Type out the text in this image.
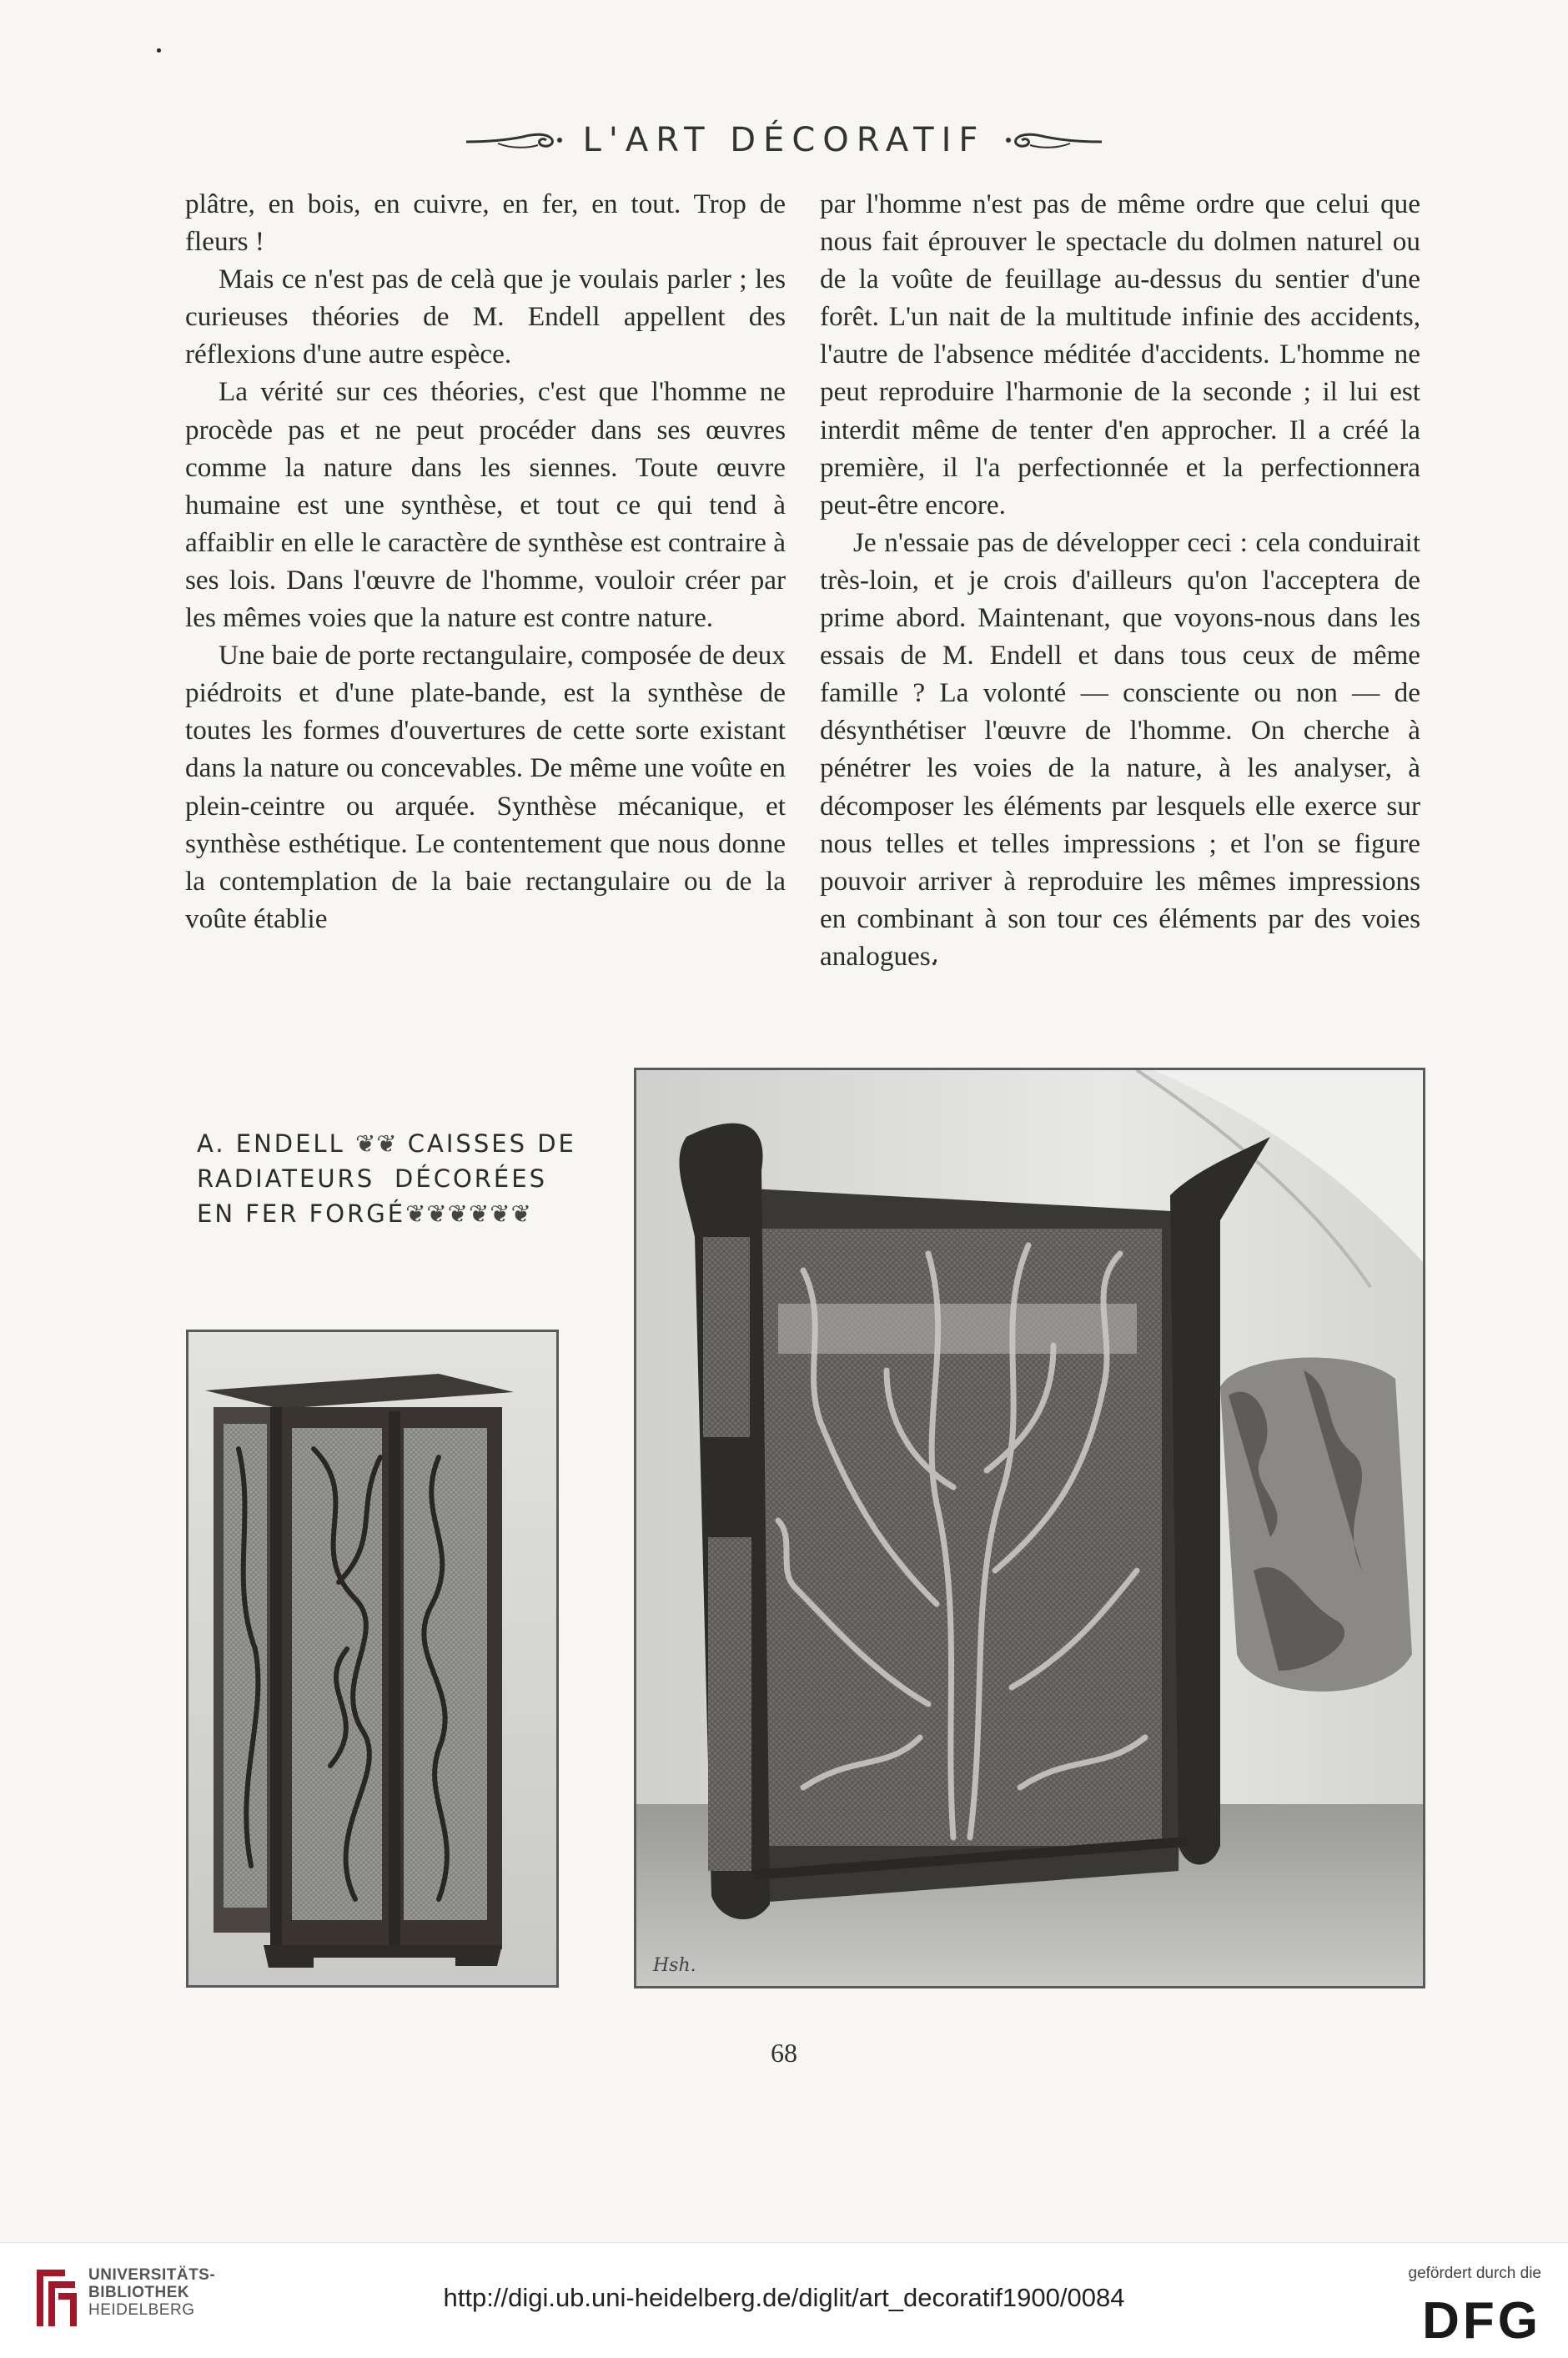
L'ART DÉCORATIF

plâtre, en bois, en cuivre, en fer, en tout. Trop de fleurs !

Mais ce n'est pas de celà que je voulais parler ; les curieuses théories de M. Endell appellent des réflexions d'une autre espèce.

La vérité sur ces théories, c'est que l'homme ne procède pas et ne peut procéder dans ses œuvres comme la nature dans les siennes. Toute œuvre humaine est une synthèse, et tout ce qui tend à affaiblir en elle le caractère de synthèse est contraire à ses lois. Dans l'œuvre de l'homme, vouloir créer par les mêmes voies que la nature est contre nature.

Une baie de porte rectangulaire, composée de deux piédroits et d'une plate-bande, est la synthèse de toutes les formes d'ouvertures de cette sorte existant dans la nature ou concevables. De même une voûte en plein-ceintre ou arquée. Synthèse mécanique, et synthèse esthétique. Le contentement que nous donne la contemplation de la baie rectangulaire ou de la voûte établie

par l'homme n'est pas de même ordre que celui que nous fait éprouver le spectacle du dolmen naturel ou de la voûte de feuillage au-dessus du sentier d'une forêt. L'un nait de la multitude infinie des accidents, l'autre de l'absence méditée d'accidents. L'homme ne peut reproduire l'harmonie de la seconde ; il lui est interdit même de tenter d'en approcher. Il a créé la première, il l'a perfectionnée et la perfectionnera peut-être encore.

Je n'essaie pas de développer ceci : cela conduirait très-loin, et je crois d'ailleurs qu'on l'acceptera de prime abord. Maintenant, que voyons-nous dans les essais de M. Endell et dans tous ceux de même famille ? La volonté — consciente ou non — de désynthétiser l'œuvre de l'homme. On cherche à pénétrer les voies de la nature, à les analyser, à décomposer les éléments par lesquels elle exerce sur nous telles et telles impressions ; et l'on se figure pouvoir arriver à reproduire les mêmes impressions en combinant à son tour ces éléments par des voies analogues.

A. ENDELL ❦❦ CAISSES DE
RADIATEURS DÉCORÉES
EN FER FORGÉ❦❦❦❦❦❦
Hsh.
68
UNIVERSITÄTS-
BIBLIOTHEK
HEIDELBERG	http://digi.ub.uni-heidelberg.de/diglit/art_decoratif1900/0084
gefördert durch die
DFG
